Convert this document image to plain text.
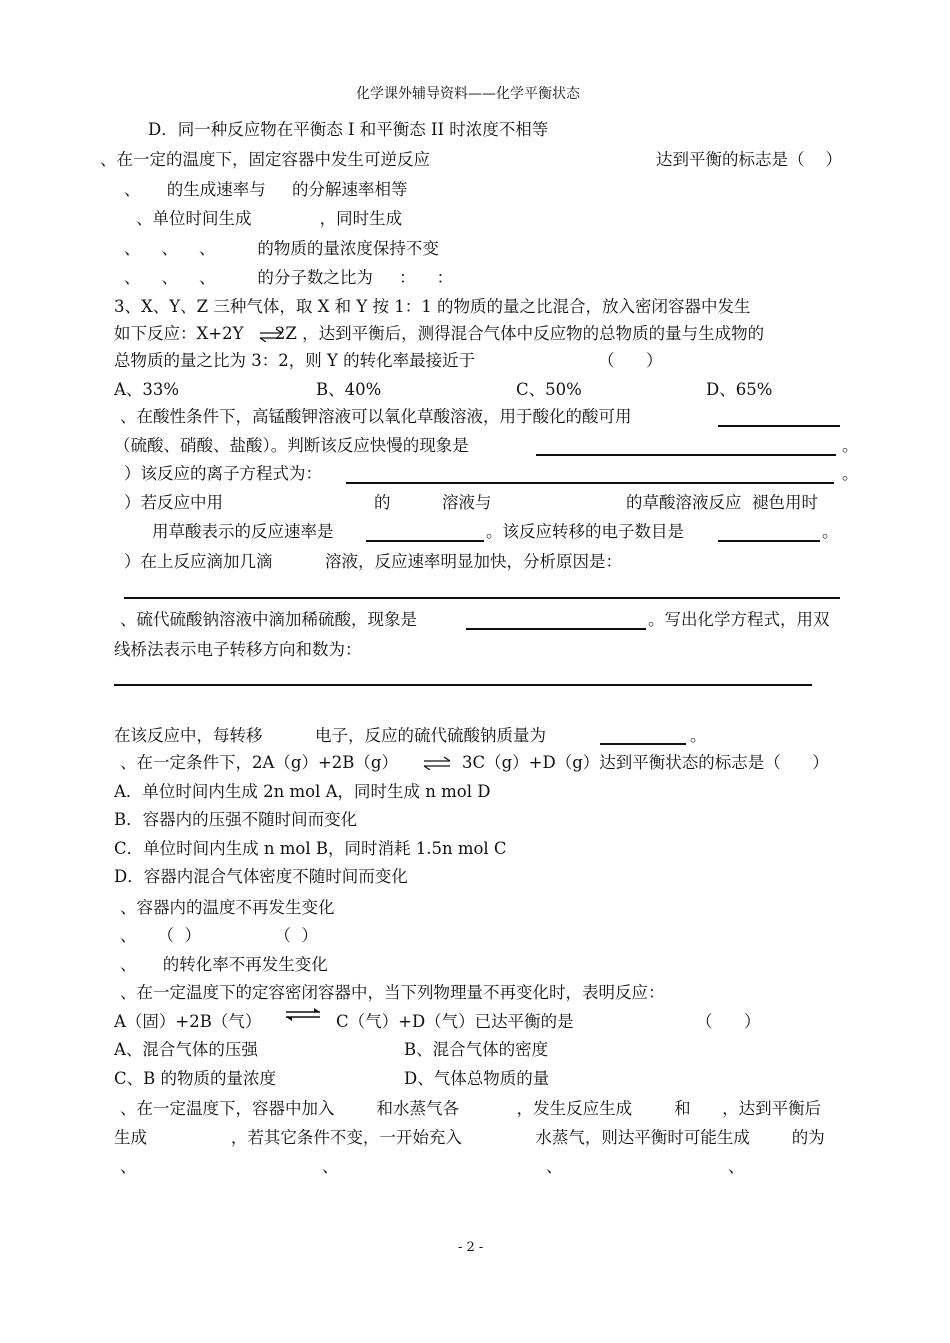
化学课外辅导资料——化学平衡状态
D．同一种反应物在平衡态 I 和平衡态 II 时浓度不相等
、在一定的温度下，固定容器中发生可逆反应	达到平衡的标志是（    ）
、     的生成速率与     的分解速率相等
、单位时间生成             ，同时生成
、    、    、        的物质的量浓度保持不变
、    、    、        的分子数之比为     ：    ：
3、X、Y、Z 三种气体，取 X 和 Y 按 1：1 的物质的量之比混合，放入密闭容器中发生
如下反应：X+2Y      2Z ，达到平衡后，测得混合气体中反应物的总物质的量与生成物的
总物质的量之比为 3：2，则 Y 的转化率最接近于	（      ）
A、33%	B、40%	C、50%	D、65%
、在酸性条件下，高锰酸钾溶液可以氧化草酸溶液，用于酸化的酸可用
（硫酸、硝酸、盐酸）。判断该反应快慢的现象是	。
）该反应的离子方程式为：	。
）若反应中用	的	溶液与	的草酸溶液反应  褪色用时
用草酸表示的反应速率是	。该反应转移的电子数目是	。
）在上反应滴加几滴          溶液，反应速率明显加快，分析原因是：
、硫代硫酸钠溶液中滴加稀硫酸，现象是	。写出化学方程式，用双
线桥法表示电子转移方向和数为：
在该反应中，每转移          电子，反应的硫代硫酸钠质量为	。
、在一定条件下，2A（g）+2B（g） ⇌ 3C（g）+D（g）达到平衡状态的标志是（      ）
A．单位时间内生成 2n mol A，同时生成 n mol D
B．容器内的压强不随时间而变化
C．单位时间内生成 n mol B，同时消耗 1.5n mol C
D．容器内混合气体密度不随时间而变化
、容器内的温度不再发生变化
、    （  ）              （  ）
、     的转化率不再发生变化
、在一定温度下的定容密闭容器中，当下列物理量不再变化时，表明反应：
A（固）+2B（气） ⇌ C（气）+D（气）已达平衡的是	（      ）
A、混合气体的压强	B、混合气体的密度
C、B 的物质的量浓度	D、气体总物质的量
、在一定温度下，容器中加入        和水蒸气各           ，发生反应生成        和      ，达到平衡后
生成                ，若其它条件不变，一开始充入              水蒸气，则达平衡时可能生成        的为
、	、	、	、
- 2 -
